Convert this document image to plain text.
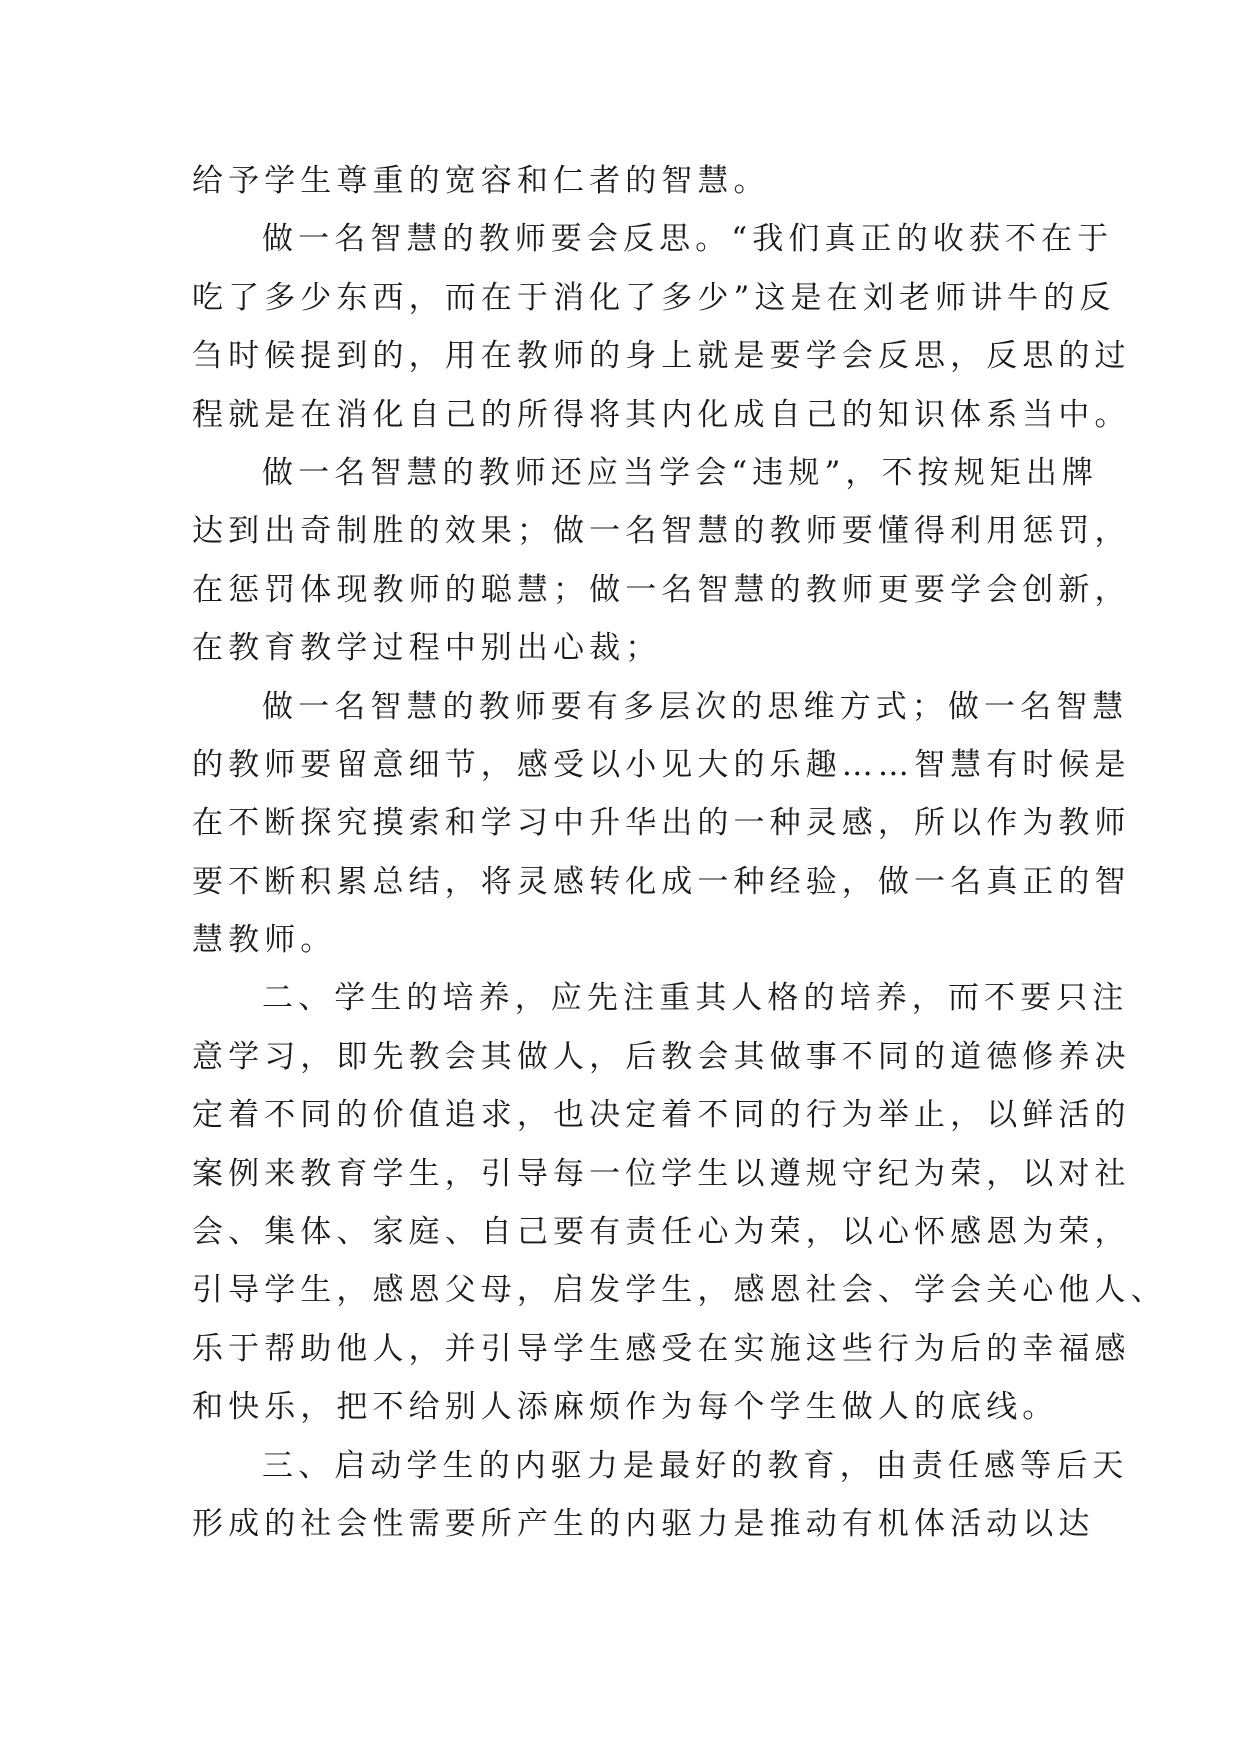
给予学生尊重的宽容和仁者的智慧。
做一名智慧的教师要会反思。“我们真正的收获不在于
吃了多少东西，而在于消化了多少”这是在刘老师讲牛的反
刍时候提到的，用在教师的身上就是要学会反思，反思的过
程就是在消化自己的所得将其内化成自己的知识体系当中。
做一名智慧的教师还应当学会“违规”，不按规矩出牌
达到出奇制胜的效果；做一名智慧的教师要懂得利用惩罚，
在惩罚体现教师的聪慧；做一名智慧的教师更要学会创新，
在教育教学过程中别出心裁；
做一名智慧的教师要有多层次的思维方式；做一名智慧
的教师要留意细节，感受以小见大的乐趣……智慧有时候是
在不断探究摸索和学习中升华出的一种灵感，所以作为教师
要不断积累总结，将灵感转化成一种经验，做一名真正的智
慧教师。
二、学生的培养，应先注重其人格的培养，而不要只注
意学习，即先教会其做人，后教会其做事不同的道德修养决
定着不同的价值追求，也决定着不同的行为举止，以鲜活的
案例来教育学生，引导每一位学生以遵规守纪为荣，以对社
会、集体、家庭、自己要有责任心为荣，以心怀感恩为荣，
引导学生，感恩父母，启发学生，感恩社会、学会关心他人、
乐于帮助他人，并引导学生感受在实施这些行为后的幸福感
和快乐，把不给别人添麻烦作为每个学生做人的底线。
三、启动学生的内驱力是最好的教育，由责任感等后天
形成的社会性需要所产生的内驱力是推动有机体活动以达
